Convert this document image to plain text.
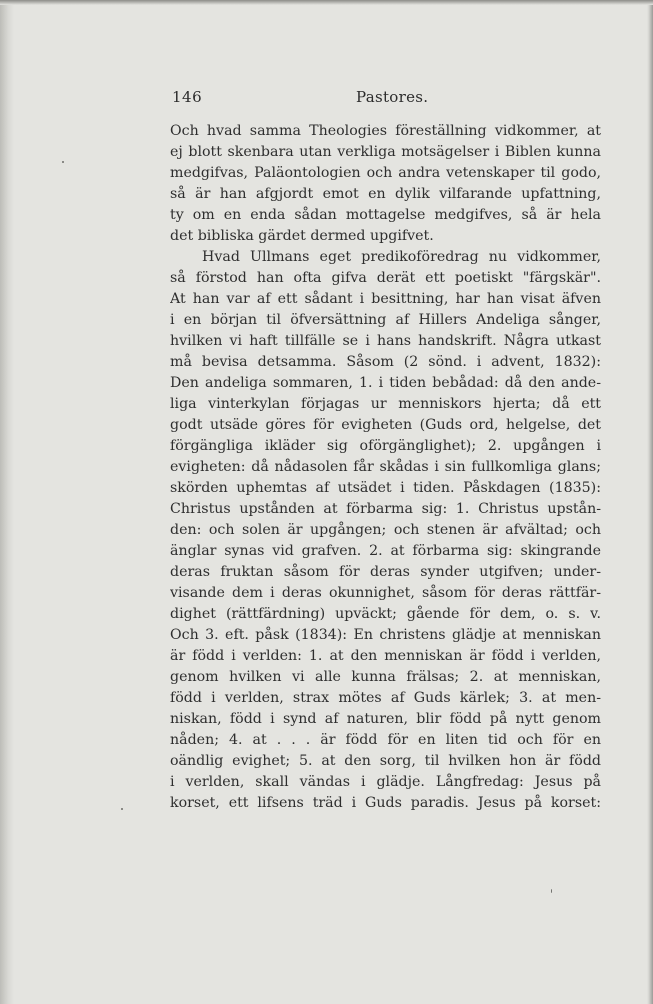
146	Pastores.
Och hvad samma Theologies föreställning vidkommer, at
ej blott skenbara utan verkliga motsägelser i Biblen kunna
medgifvas, Paläontologien och andra vetenskaper til godo,
så är han afgjordt emot en dylik vilfarande upfattning,
ty om en enda sådan mottagelse medgifves, så är hela
det bibliska gärdet dermed upgifvet.
Hvad Ullmans eget predikoföredrag nu vidkommer,
så förstod han ofta gifva derät ett poetiskt "färgskär".
At han var af ett sådant i besittning, har han visat äfven
i en början til öfversättning af Hillers Andeliga sånger,
hvilken vi haft tillfälle se i hans handskrift. Några utkast
må bevisa detsamma. Såsom (2 sönd. i advent, 1832):
Den andeliga sommaren, 1. i tiden bebådad: då den ande-
liga vinterkylan förjagas ur menniskors hjerta; då ett
godt utsäde göres för evigheten (Guds ord, helgelse, det
förgängliga ikläder sig oförgänglighet); 2. upgången i
evigheten: då nådasolen får skådas i sin fullkomliga glans;
skörden uphemtas af utsädet i tiden. Påskdagen (1835):
Christus upstånden at förbarma sig: 1. Christus upstån-
den: och solen är upgången; och stenen är afvältad; och
änglar synas vid grafven. 2. at förbarma sig: skingrande
deras fruktan såsom för deras synder utgifven; under-
visande dem i deras okunnighet, såsom för deras rättfär-
dighet (rättfärdning) upväckt; gående för dem, o. s. v.
Och 3. eft. påsk (1834): En christens glädje at menniskan
är född i verlden: 1. at den menniskan är född i verlden,
genom hvilken vi alle kunna frälsas; 2. at menniskan,
född i verlden, strax mötes af Guds kärlek; 3. at men-
niskan, född i synd af naturen, blir född på nytt genom
nåden; 4. at . . . är född för en liten tid och för en
oändlig evighet; 5. at den sorg, til hvilken hon är född
i verlden, skall vändas i glädje. Långfredag: Jesus på
korset, ett lifsens träd i Guds paradis. Jesus på korset:
